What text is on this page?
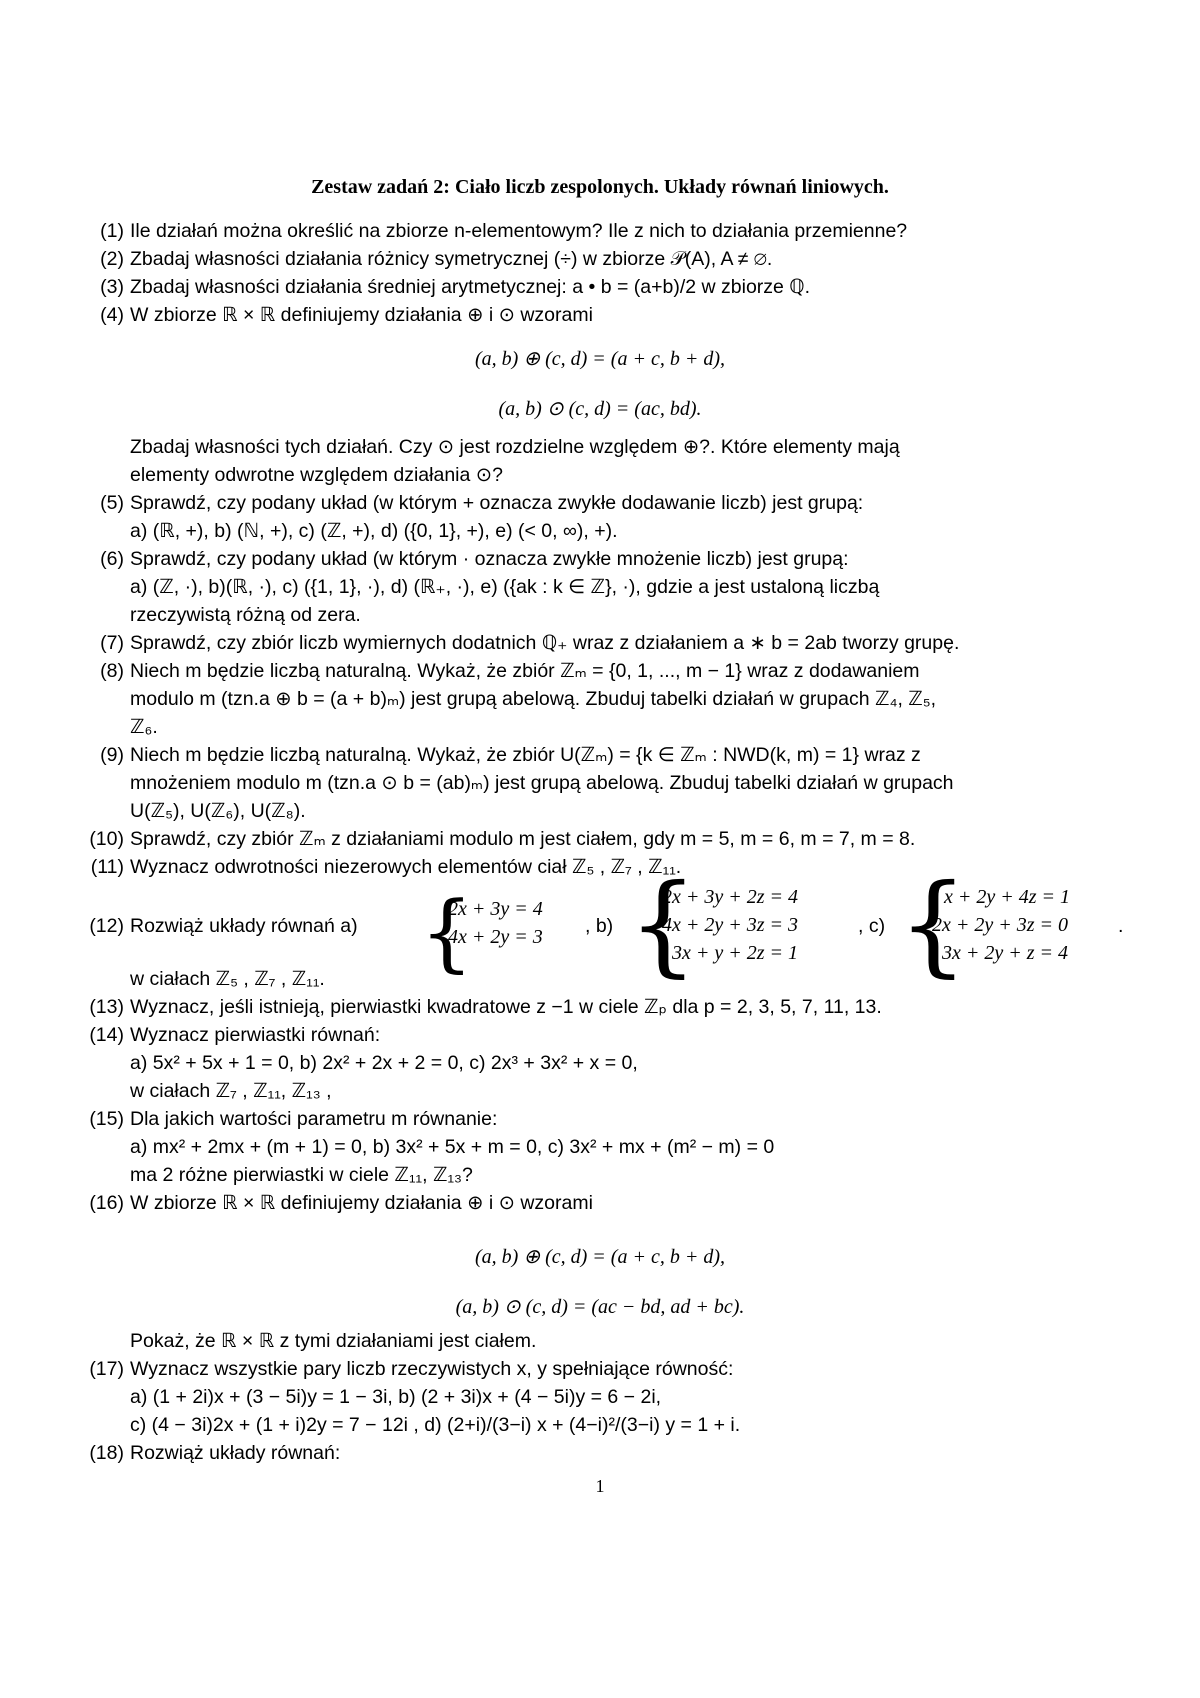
Zestaw zadań 2: Ciało liczb zespolonych. Układy równań liniowych.
(1) Ile działań można określić na zbiorze n-elementowym? Ile z nich to działania przemienne?
(2) Zbadaj własności działania różnicy symetrycznej (÷) w zbiorze 𝒫(A), A ≠ ∅.
(3) Zbadaj własności działania średniej arytmetycznej: a • b = (a+b)/2 w zbiorze ℚ.
(4) W zbiorze ℝ × ℝ definiujemy działania ⊕ i ⊙ wzorami
Zbadaj własności tych działań. Czy ⊙ jest rozdzielne względem ⊕?. Które elementy mają
elementy odwrotne względem działania ⊙?
(5) Sprawdź, czy podany układ (w którym + oznacza zwykłe dodawanie liczb) jest grupą:
a) (ℝ, +), b) (ℕ, +), c) (ℤ, +), d) ({0, 1}, +), e) (< 0, ∞), +).
(6) Sprawdź, czy podany układ (w którym · oznacza zwykłe mnożenie liczb) jest grupą:
a) (ℤ, ·), b)(ℝ, ·), c) ({1, 1}, ·), d) (ℝ₊, ·), e) ({ak : k ∈ ℤ}, ·), gdzie a jest ustaloną liczbą
rzeczywistą różną od zera.
(7) Sprawdź, czy zbiór liczb wymiernych dodatnich ℚ₊ wraz z działaniem a ∗ b = 2ab tworzy grupę.
(8) Niech m będzie liczbą naturalną. Wykaż, że zbiór ℤₘ = {0, 1, ..., m − 1} wraz z dodawaniem
modulo m (tzn.a ⊕ b = (a + b)ₘ) jest grupą abelową. Zbuduj tabelki działań w grupach ℤ₄, ℤ₅,
ℤ₆.
(9) Niech m będzie liczbą naturalną. Wykaż, że zbiór U(ℤₘ) = {k ∈ ℤₘ : NWD(k, m) = 1} wraz z
mnożeniem modulo m (tzn.a ⊙ b = (ab)ₘ) jest grupą abelową. Zbuduj tabelki działań w grupach
U(ℤ₅), U(ℤ₆), U(ℤ₈).
(10) Sprawdź, czy zbiór ℤₘ z działaniami modulo m jest ciałem, gdy m = 5, m = 6, m = 7, m = 8.
(11) Wyznacz odwrotności niezerowych elementów ciał ℤ₅ , ℤ₇ , ℤ₁₁.
(12) Rozwiąż układy równań a)
w ciałach ℤ₅ , ℤ₇ , ℤ₁₁.
(13) Wyznacz, jeśli istnieją, pierwiastki kwadratowe z −1 w ciele ℤₚ dla p = 2, 3, 5, 7, 11, 13.
(14) Wyznacz pierwiastki równań:
a) 5x² + 5x + 1 = 0, b) 2x² + 2x + 2 = 0, c) 2x³ + 3x² + x = 0,
w ciałach ℤ₇ , ℤ₁₁, ℤ₁₃ ,
(15) Dla jakich wartości parametru m równanie:
a) mx² + 2mx + (m + 1) = 0, b) 3x² + 5x + m = 0, c) 3x² + mx + (m² − m) = 0
ma 2 różne pierwiastki w ciele ℤ₁₁, ℤ₁₃?
(16) W zbiorze ℝ × ℝ definiujemy działania ⊕ i ⊙ wzorami
Pokaż, że ℝ × ℝ z tymi działaniami jest ciałem.
(17) Wyznacz wszystkie pary liczb rzeczywistych x, y spełniające równość:
a) (1 + 2i)x + (3 − 5i)y = 1 − 3i, b) (2 + 3i)x + (4 − 5i)y = 6 − 2i,
c) (4 − 3i)2x + (1 + i)2y = 7 − 12i , d) (2+i)/(3−i) x + (4−i)²/(3−i) y = 1 + i.
(18) Rozwiąż układy równań:
(a, b) ⊕ (c, d) = (a + c, b + d),
(a, b) ⊙ (c, d) = (ac, bd).
(a, b) ⊕ (c, d) = (a + c, b + d),
(a, b) ⊙ (c, d) = (ac − bd, ad + bc).
{
2x + 3y = 4
4x + 2y = 3 , b) {
2x + 3y + 2z = 4
4x + 2y + 3z = 3
3x + y + 2z = 1
, c) {
x + 2y + 4z = 1
2x + 2y + 3z = 0
3x + 2y + z = 4
.
1
